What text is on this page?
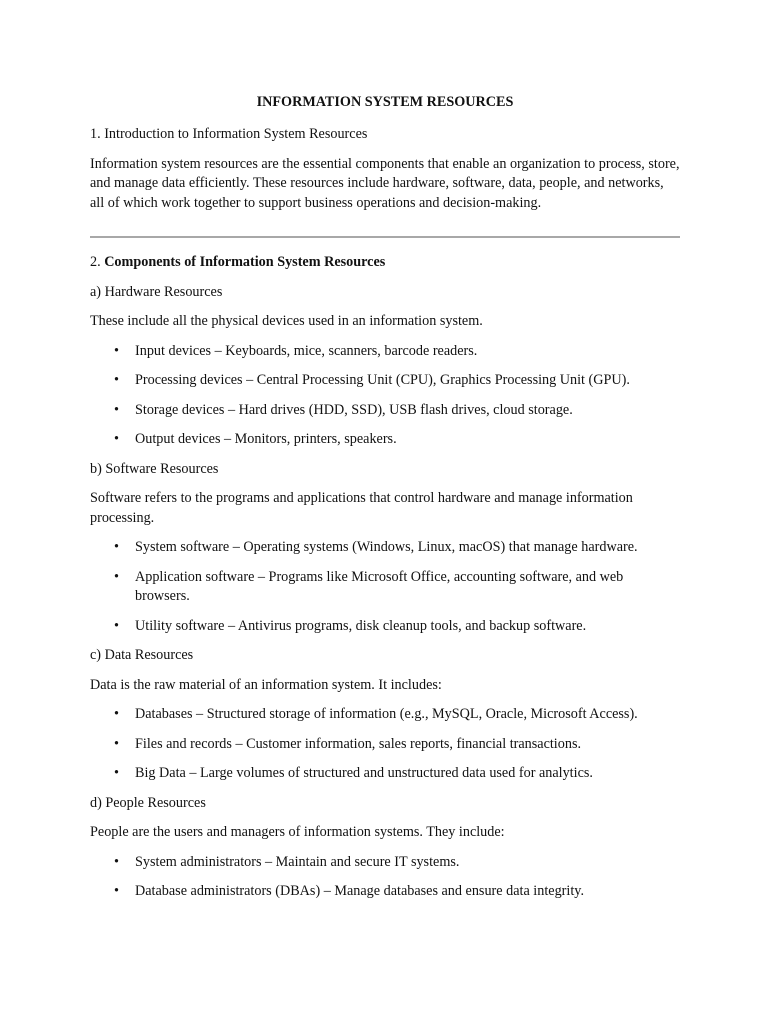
INFORMATION SYSTEM RESOURCES

1. Introduction to Information System Resources

Information system resources are the essential components that enable an organization to process, store, and manage data efficiently. These resources include hardware, software, data, people, and networks, all of which work together to support business operations and decision-making.

2. Components of Information System Resources

a) Hardware Resources

These include all the physical devices used in an information system.

• Input devices – Keyboards, mice, scanners, barcode readers.
• Processing devices – Central Processing Unit (CPU), Graphics Processing Unit (GPU).
• Storage devices – Hard drives (HDD, SSD), USB flash drives, cloud storage.
• Output devices – Monitors, printers, speakers.

b) Software Resources

Software refers to the programs and applications that control hardware and manage information processing.

• System software – Operating systems (Windows, Linux, macOS) that manage hardware.
• Application software – Programs like Microsoft Office, accounting software, and web browsers.
• Utility software – Antivirus programs, disk cleanup tools, and backup software.

c) Data Resources

Data is the raw material of an information system. It includes:

• Databases – Structured storage of information (e.g., MySQL, Oracle, Microsoft Access).
• Files and records – Customer information, sales reports, financial transactions.
• Big Data – Large volumes of structured and unstructured data used for analytics.

d) People Resources

People are the users and managers of information systems. They include:

• System administrators – Maintain and secure IT systems.
• Database administrators (DBAs) – Manage databases and ensure data integrity.
